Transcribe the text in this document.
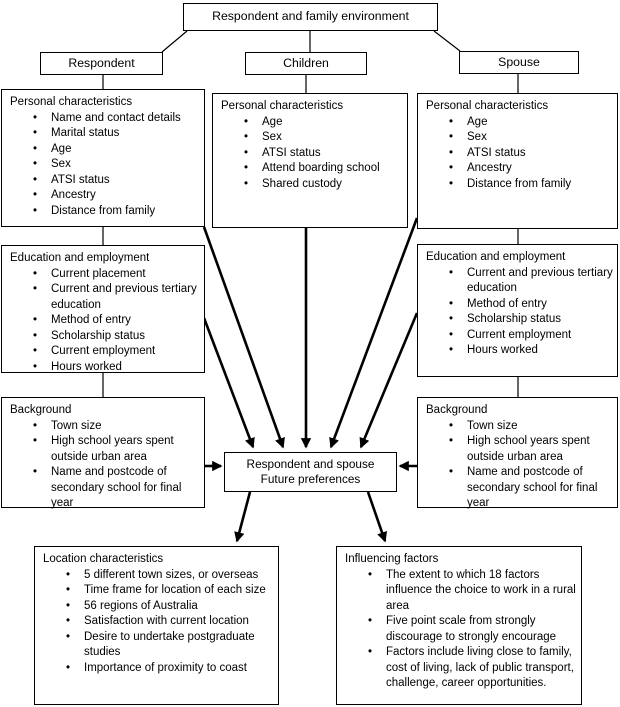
Respondent and family environment
Respondent	Children	Spouse
Personal characteristics
• Name and contact details
• Marital status
• Age
• Sex
• ATSI status
• Ancestry
• Distance from family
Education and employment
• Current placement
• Current and previous tertiary education
• Method of entry
• Scholarship status
• Current employment
• Hours worked
Background
• Town size
• High school years spent outside urban area
• Name and postcode of secondary school for final year
Personal characteristics
• Age
• Sex
• ATSI status
• Attend boarding school
• Shared custody
Personal characteristics
• Age
• Sex
• ATSI status
• Ancestry
• Distance from family
Education and employment
• Current and previous tertiary education
• Method of entry
• Scholarship status
• Current employment
• Hours worked
Background
• Town size
• High school years spent outside urban area
• Name and postcode of secondary school for final year
Respondent and spouse
Future preferences
Location characteristics
• 5 different town sizes, or overseas
• Time frame for location of each size
• 56 regions of Australia
• Satisfaction with current location
• Desire to undertake postgraduate studies
• Importance of proximity to coast
Influencing factors
• The extent to which 18 factors influence the choice to work in a rural area
• Five point scale from strongly discourage to strongly encourage
• Factors include living close to family, cost of living, lack of public transport, challenge, career opportunities.
